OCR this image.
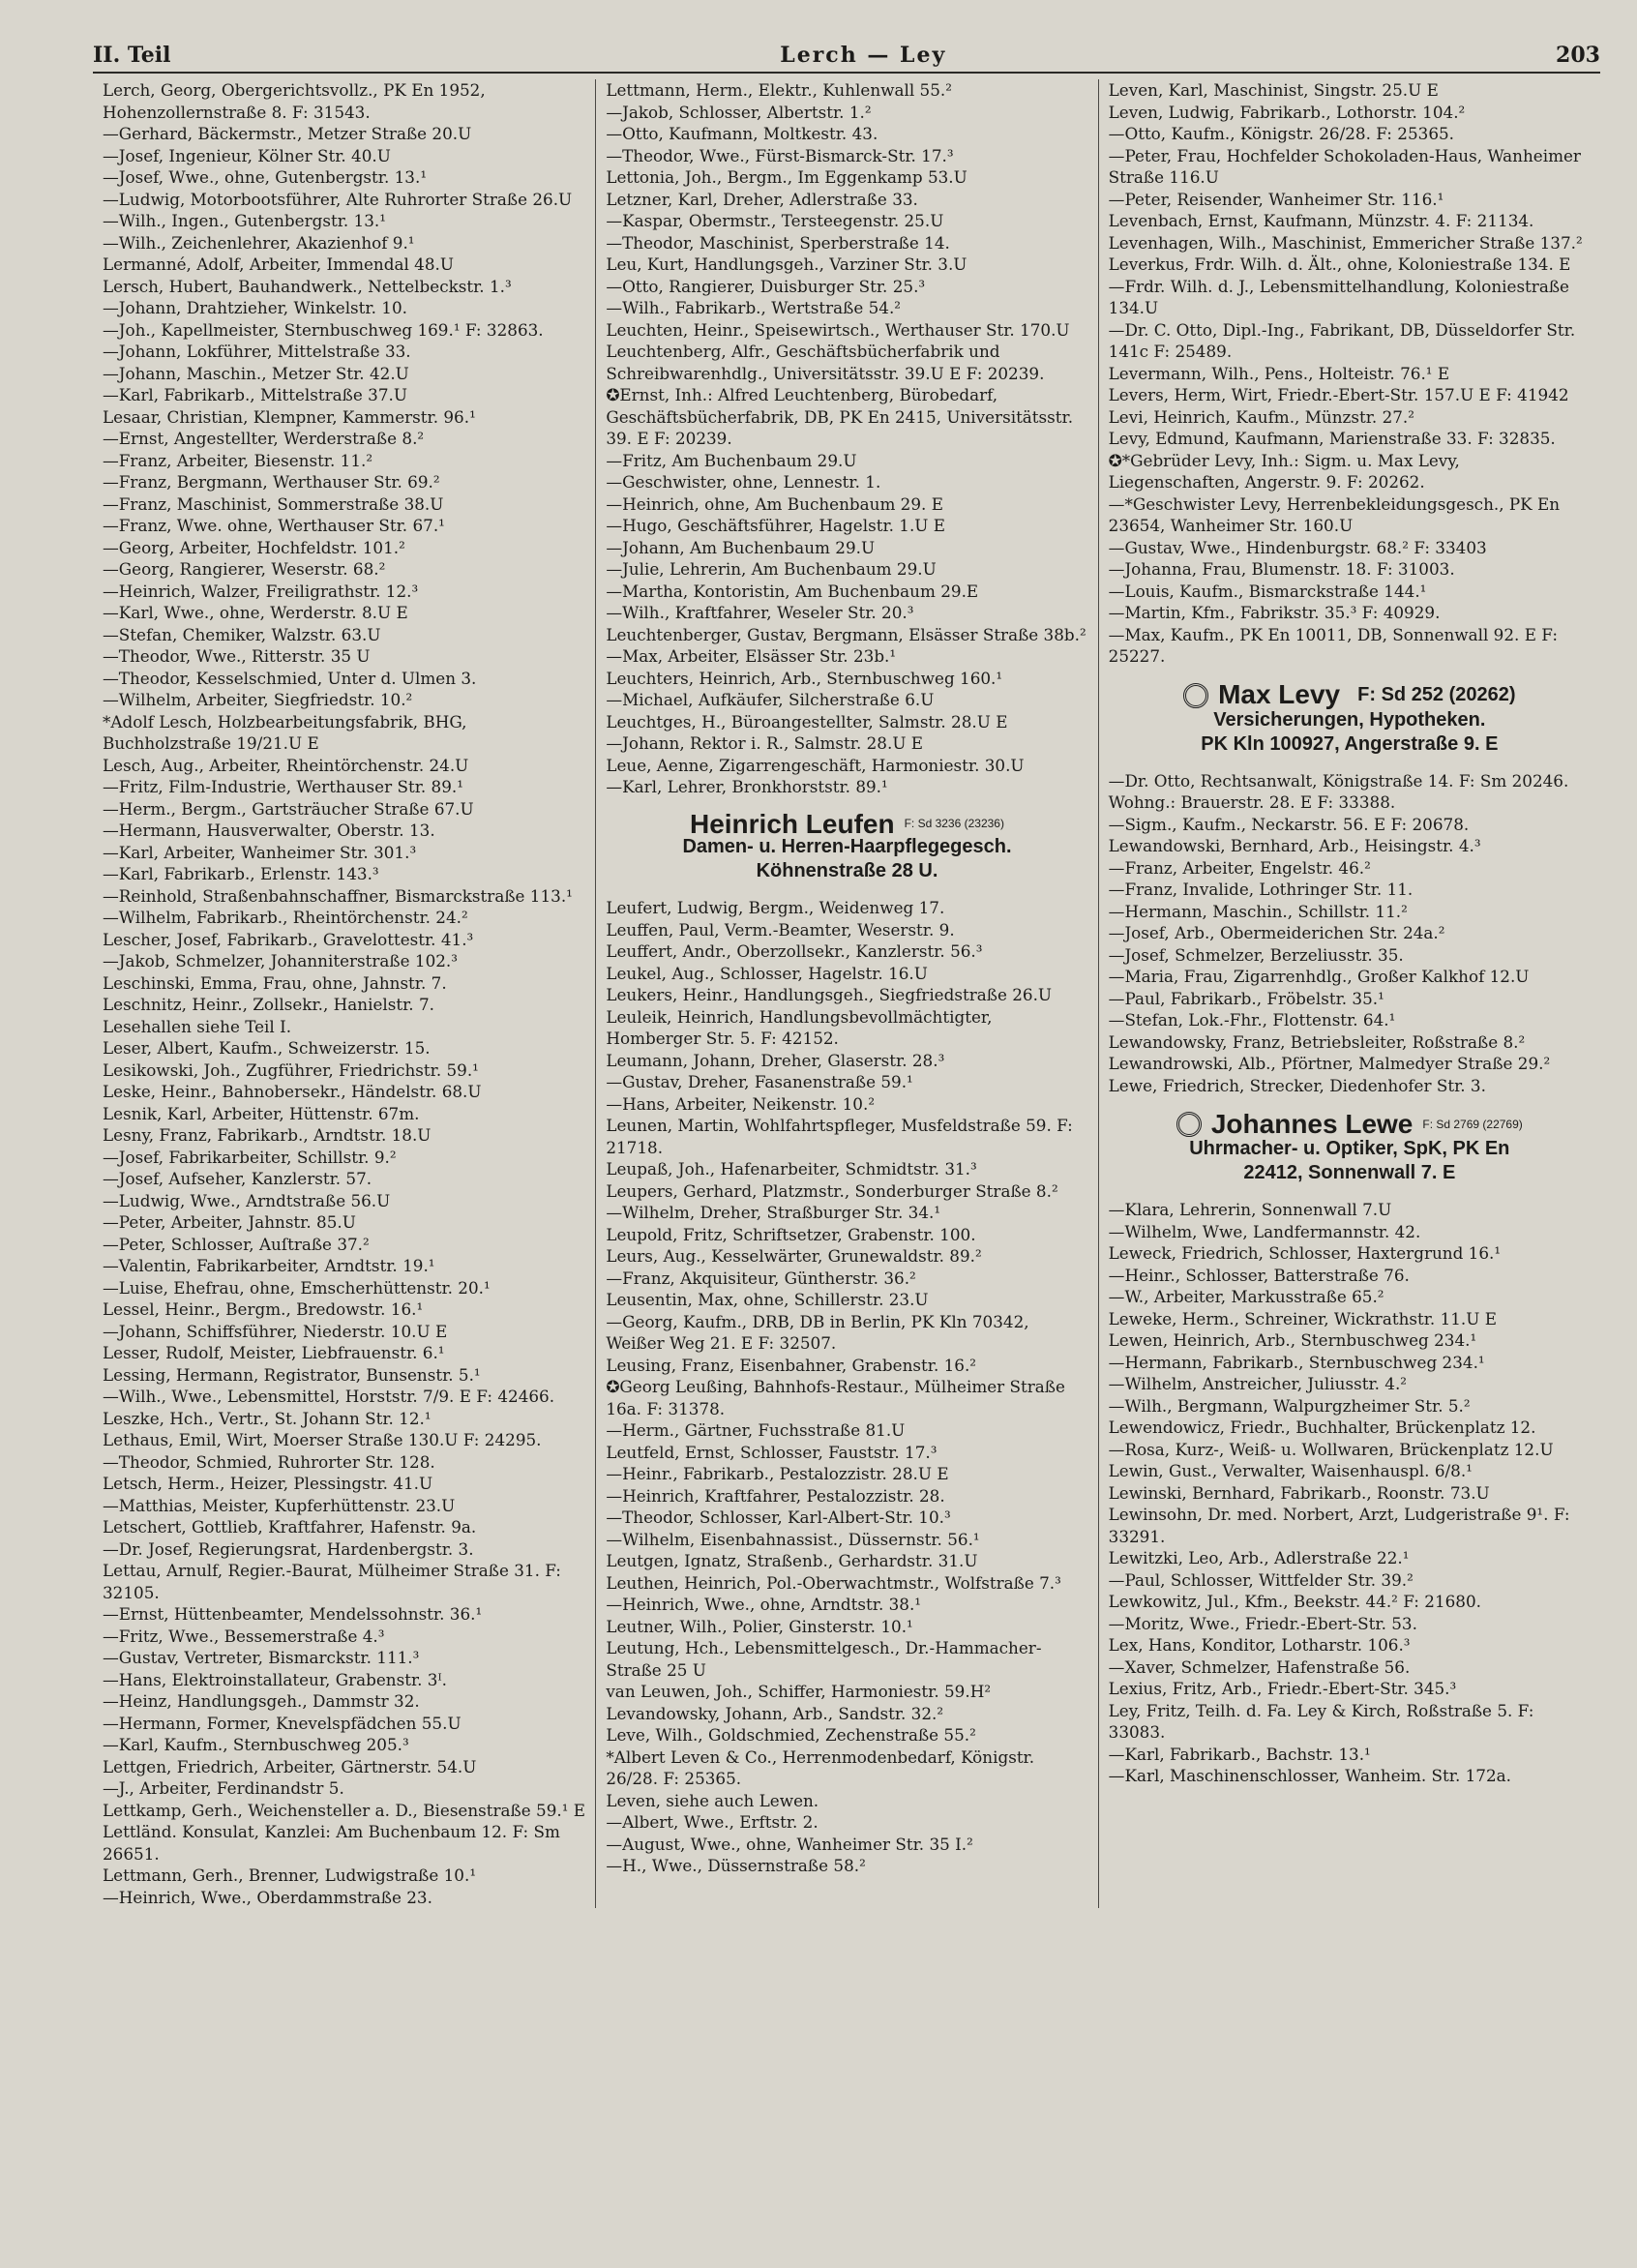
II. Teil	Lerch — Ley	203

Lerch, Georg, Obergerichtsvollz., PK En 1952, Hohenzollernstraße 8. F: 31543.

—Gerhard, Bäckermstr., Metzer Straße 20.U

—Josef, Ingenieur, Kölner Str. 40.U

—Josef, Wwe., ohne, Gutenbergstr. 13.¹

—Ludwig, Motorbootsführer, Alte Ruhrorter Straße 26.U

—Wilh., Ingen., Gutenbergstr. 13.¹

—Wilh., Zeichenlehrer, Akazienhof 9.¹

Lermanné, Adolf, Arbeiter, Immendal 48.U

Lersch, Hubert, Bauhandwerk., Nettelbeckstr. 1.³

—Johann, Drahtzieher, Winkelstr. 10.

—Joh., Kapellmeister, Sternbuschweg 169.¹ F: 32863.

—Johann, Lokführer, Mittelstraße 33.

—Johann, Maschin., Metzer Str. 42.U

—Karl, Fabrikarb., Mittelstraße 37.U

Lesaar, Christian, Klempner, Kammerstr. 96.¹

—Ernst, Angestellter, Werderstraße 8.²

—Franz, Arbeiter, Biesenstr. 11.²

—Franz, Bergmann, Werthauser Str. 69.²

—Franz, Maschinist, Sommerstraße 38.U

—Franz, Wwe. ohne, Werthauser Str. 67.¹

—Georg, Arbeiter, Hochfeldstr. 101.²

—Georg, Rangierer, Weserstr. 68.²

—Heinrich, Walzer, Freiligrathstr. 12.³

—Karl, Wwe., ohne, Werderstr. 8.U E

—Stefan, Chemiker, Walzstr. 63.U

—Theodor, Wwe., Ritterstr. 35 U

—Theodor, Kesselschmied, Unter d. Ulmen 3.

—Wilhelm, Arbeiter, Siegfriedstr. 10.²

*Adolf Lesch, Holzbearbeitungsfabrik, BHG, Buchholzstraße 19/21.U E

Lesch, Aug., Arbeiter, Rheintörchenstr. 24.U

—Fritz, Film-Industrie, Werthauser Str. 89.¹

—Herm., Bergm., Gartsträucher Straße 67.U

—Hermann, Hausverwalter, Oberstr. 13.

—Karl, Arbeiter, Wanheimer Str. 301.³

—Karl, Fabrikarb., Erlenstr. 143.³

—Reinhold, Straßenbahnschaffner, Bismarckstraße 113.¹

—Wilhelm, Fabrikarb., Rheintörchenstr. 24.²

Lescher, Josef, Fabrikarb., Gravelottestr. 41.³

—Jakob, Schmelzer, Johanniterstraße 102.³

Leschinski, Emma, Frau, ohne, Jahnstr. 7.

Leschnitz, Heinr., Zollsekr., Hanielstr. 7.

Lesehallen siehe Teil I.

Leser, Albert, Kaufm., Schweizerstr. 15.

Lesikowski, Joh., Zugführer, Friedrichstr. 59.¹

Leske, Heinr., Bahnobersekr., Händelstr. 68.U

Lesnik, Karl, Arbeiter, Hüttenstr. 67m.

Lesny, Franz, Fabrikarb., Arndtstr. 18.U

—Josef, Fabrikarbeiter, Schillstr. 9.²

—Josef, Aufseher, Kanzlerstr. 57.

—Ludwig, Wwe., Arndtstraße 56.U

—Peter, Arbeiter, Jahnstr. 85.U

—Peter, Schlosser, Auſtraße 37.²

—Valentin, Fabrikarbeiter, Arndtstr. 19.¹

—Luise, Ehefrau, ohne, Emscherhüttenstr. 20.¹

Lessel, Heinr., Bergm., Bredowstr. 16.¹

—Johann, Schiffsführer, Niederstr. 10.U E

Lesser, Rudolf, Meister, Liebfrauenstr. 6.¹

Lessing, Hermann, Registrator, Bunsenstr. 5.¹

—Wilh., Wwe., Lebensmittel, Horststr. 7/9. E F: 42466.

Leszke, Hch., Vertr., St. Johann Str. 12.¹

Lethaus, Emil, Wirt, Moerser Straße 130.U F: 24295.

—Theodor, Schmied, Ruhrorter Str. 128.

Letsch, Herm., Heizer, Plessingstr. 41.U

—Matthias, Meister, Kupferhüttenstr. 23.U

Letschert, Gottlieb, Kraftfahrer, Hafenstr. 9a.

—Dr. Josef, Regierungsrat, Hardenbergstr. 3.

Lettau, Arnulf, Regier.-Baurat, Mülheimer Straße 31. F: 32105.

—Ernst, Hüttenbeamter, Mendelssohnstr. 36.¹

—Fritz, Wwe., Bessemerstraße 4.³

—Gustav, Vertreter, Bismarckstr. 111.³

—Hans, Elektroinstallateur, Grabenstr. 3ᴵ.

—Heinz, Handlungsgeh., Dammstr 32.

—Hermann, Former, Knevelspfädchen 55.U

—Karl, Kaufm., Sternbuschweg 205.³

Lettgen, Friedrich, Arbeiter, Gärtnerstr. 54.U

—J., Arbeiter, Ferdinandstr 5.

Lettkamp, Gerh., Weichensteller a. D., Biesenstraße 59.¹ E

Lettländ. Konsulat, Kanzlei: Am Buchenbaum 12. F: Sm 26651.

Lettmann, Gerh., Brenner, Ludwigstraße 10.¹

—Heinrich, Wwe., Oberdammstraße 23.

Lettmann, Herm., Elektr., Kuhlenwall 55.²

—Jakob, Schlosser, Albertstr. 1.²

—Otto, Kaufmann, Moltkestr. 43.

—Theodor, Wwe., Fürst-Bismarck-Str. 17.³

Lettonia, Joh., Bergm., Im Eggenkamp 53.U

Letzner, Karl, Dreher, Adlerstraße 33.

—Kaspar, Obermstr., Tersteegenstr. 25.U

—Theodor, Maschinist, Sperberstraße 14.

Leu, Kurt, Handlungsgeh., Varziner Str. 3.U

—Otto, Rangierer, Duisburger Str. 25.³

—Wilh., Fabrikarb., Wertstraße 54.²

Leuchten, Heinr., Speisewirtsch., Werthauser Str. 170.U

Leuchtenberg, Alfr., Geschäftsbücherfabrik und Schreibwarenhdlg., Universitätsstr. 39.U E F: 20239.

✪Ernst, Inh.: Alfred Leuchtenberg, Bürobedarf, Geschäftsbücherfabrik, DB, PK En 2415, Universitätsstr. 39. E F: 20239.

—Fritz, Am Buchenbaum 29.U

—Geschwister, ohne, Lennestr. 1.

—Heinrich, ohne, Am Buchenbaum 29. E

—Hugo, Geschäftsführer, Hagelstr. 1.U E

—Johann, Am Buchenbaum 29.U

—Julie, Lehrerin, Am Buchenbaum 29.U

—Martha, Kontoristin, Am Buchenbaum 29.E

—Wilh., Kraftfahrer, Weseler Str. 20.³

Leuchtenberger, Gustav, Bergmann, Elsässer Straße 38b.²

—Max, Arbeiter, Elsässer Str. 23b.¹

Leuchters, Heinrich, Arb., Sternbuschweg 160.¹

—Michael, Aufkäufer, Silcherstraße 6.U

Leuchtges, H., Büroangestellter, Salmstr. 28.U E

—Johann, Rektor i. R., Salmstr. 28.U E

Leue, Aenne, Zigarrengeschäft, Harmoniestr. 30.U

—Karl, Lehrer, Bronkhorststr. 89.¹

Heinrich Leufen F: Sd 3236 (23236)
Damen- u. Herren-Haarpflegegesch.
Köhnenstraße 28 U.

Leufert, Ludwig, Bergm., Weidenweg 17.

Leuffen, Paul, Verm.-Beamter, Weserstr. 9.

Leuffert, Andr., Oberzollsekr., Kanzlerstr. 56.³

Leukel, Aug., Schlosser, Hagelstr. 16.U

Leukers, Heinr., Handlungsgeh., Siegfriedstraße 26.U

Leuleik, Heinrich, Handlungsbevollmächtigter, Homberger Str. 5. F: 42152.

Leumann, Johann, Dreher, Glaserstr. 28.³

—Gustav, Dreher, Fasanenstraße 59.¹

—Hans, Arbeiter, Neikenstr. 10.²

Leunen, Martin, Wohlfahrtspfleger, Musfeldstraße 59. F: 21718.

Leupaß, Joh., Hafenarbeiter, Schmidtstr. 31.³

Leupers, Gerhard, Platzmstr., Sonderburger Straße 8.²

—Wilhelm, Dreher, Straßburger Str. 34.¹

Leupold, Fritz, Schriftsetzer, Grabenstr. 100.

Leurs, Aug., Kesselwärter, Grunewaldstr. 89.²

—Franz, Akquisiteur, Güntherstr. 36.²

Leusentin, Max, ohne, Schillerstr. 23.U

—Georg, Kaufm., DRB, DB in Berlin, PK Kln 70342, Weißer Weg 21. E F: 32507.

Leusing, Franz, Eisenbahner, Grabenstr. 16.²

✪Georg Leußing, Bahnhofs-Restaur., Mülheimer Straße 16a. F: 31378.

—Herm., Gärtner, Fuchsstraße 81.U

Leutfeld, Ernst, Schlosser, Fauststr. 17.³

—Heinr., Fabrikarb., Pestalozzistr. 28.U E

—Heinrich, Kraftfahrer, Pestalozzistr. 28.

—Theodor, Schlosser, Karl-Albert-Str. 10.³

—Wilhelm, Eisenbahnassist., Düssernstr. 56.¹

Leutgen, Ignatz, Straßenb., Gerhardstr. 31.U

Leuthen, Heinrich, Pol.-Oberwachtmstr., Wolfstraße 7.³

—Heinrich, Wwe., ohne, Arndtstr. 38.¹

Leutner, Wilh., Polier, Ginsterstr. 10.¹

Leutung, Hch., Lebensmittelgesch., Dr.-Hammacher-Straße 25 U

van Leuwen, Joh., Schiffer, Harmoniestr. 59.H²

Levandowsky, Johann, Arb., Sandstr. 32.²

Leve, Wilh., Goldschmied, Zechenstraße 55.²

*Albert Leven & Co., Herrenmodenbedarf, Königstr. 26/28. F: 25365.

Leven, siehe auch Lewen.

—Albert, Wwe., Erftstr. 2.

—August, Wwe., ohne, Wanheimer Str. 35 I.²

—H., Wwe., Düssernstraße 58.²

Leven, Karl, Maschinist, Singstr. 25.U E

Leven, Ludwig, Fabrikarb., Lothorstr. 104.²

—Otto, Kaufm., Königstr. 26/28. F: 25365.

—Peter, Frau, Hochfelder Schokoladen-Haus, Wanheimer Straße 116.U

—Peter, Reisender, Wanheimer Str. 116.¹

Levenbach, Ernst, Kaufmann, Münzstr. 4. F: 21134.

Levenhagen, Wilh., Maschinist, Emmericher Straße 137.²

Leverkus, Frdr. Wilh. d. Ält., ohne, Koloniestraße 134. E

—Frdr. Wilh. d. J., Lebensmittelhandlung, Koloniestraße 134.U

—Dr. C. Otto, Dipl.-Ing., Fabrikant, DB, Düsseldorfer Str. 141c F: 25489.

Levermann, Wilh., Pens., Holteistr. 76.¹ E

Levers, Herm, Wirt, Friedr.-Ebert-Str. 157.U E F: 41942

Levi, Heinrich, Kaufm., Münzstr. 27.²

Levy, Edmund, Kaufmann, Marienstraße 33. F: 32835.

✪*Gebrüder Levy, Inh.: Sigm. u. Max Levy, Liegenschaften, Angerstr. 9. F: 20262.

—*Geschwister Levy, Herrenbekleidungsgesch., PK En 23654, Wanheimer Str. 160.U

—Gustav, Wwe., Hindenburgstr. 68.² F: 33403

—Johanna, Frau, Blumenstr. 18. F: 31003.

—Louis, Kaufm., Bismarckstraße 144.¹

—Martin, Kfm., Fabrikstr. 35.³ F: 40929.

—Max, Kaufm., PK En 10011, DB, Sonnenwall 92. E F: 25227.

Max Levy F: Sd 252 (20262)
Versicherungen, Hypotheken.
PK Kln 100927, Angerstraße 9. E

—Dr. Otto, Rechtsanwalt, Königstraße 14. F: Sm 20246. Wohng.: Brauerstr. 28. E F: 33388.

—Sigm., Kaufm., Neckarstr. 56. E F: 20678.

Lewandowski, Bernhard, Arb., Heisingstr. 4.³

—Franz, Arbeiter, Engelstr. 46.²

—Franz, Invalide, Lothringer Str. 11.

—Hermann, Maschin., Schillstr. 11.²

—Josef, Arb., Obermeiderichen Str. 24a.²

—Josef, Schmelzer, Berzeliusstr. 35.

—Maria, Frau, Zigarrenhdlg., Großer Kalkhof 12.U

—Paul, Fabrikarb., Fröbelstr. 35.¹

—Stefan, Lok.-Fhr., Flottenstr. 64.¹

Lewandowsky, Franz, Betriebsleiter, Roßstraße 8.²

Lewandrowski, Alb., Pförtner, Malmedyer Straße 29.²

Lewe, Friedrich, Strecker, Diedenhofer Str. 3.

Johannes Lewe F: Sd 2769 (22769)
Uhrmacher- u. Optiker, SpK, PK En
22412, Sonnenwall 7. E

—Klara, Lehrerin, Sonnenwall 7.U

—Wilhelm, Wwe, Landfermannstr. 42.

Leweck, Friedrich, Schlosser, Haxtergrund 16.¹

—Heinr., Schlosser, Batterstraße 76.

—W., Arbeiter, Markusstraße 65.²

Leweke, Herm., Schreiner, Wickrathstr. 11.U E

Lewen, Heinrich, Arb., Sternbuschweg 234.¹

—Hermann, Fabrikarb., Sternbuschweg 234.¹

—Wilhelm, Anstreicher, Juliusstr. 4.²

—Wilh., Bergmann, Walpurgzheimer Str. 5.²

Lewendowicz, Friedr., Buchhalter, Brückenplatz 12.

—Rosa, Kurz-, Weiß- u. Wollwaren, Brückenplatz 12.U

Lewin, Gust., Verwalter, Waisenhauspl. 6/8.¹

Lewinski, Bernhard, Fabrikarb., Roonstr. 73.U

Lewinsohn, Dr. med. Norbert, Arzt, Ludgeristraße 9¹. F: 33291.

Lewitzki, Leo, Arb., Adlerstraße 22.¹

—Paul, Schlosser, Wittfelder Str. 39.²

Lewkowitz, Jul., Kfm., Beekstr. 44.² F: 21680.

—Moritz, Wwe., Friedr.-Ebert-Str. 53.

Lex, Hans, Konditor, Lotharstr. 106.³

—Xaver, Schmelzer, Hafenstraße 56.

Lexius, Fritz, Arb., Friedr.-Ebert-Str. 345.³

Ley, Fritz, Teilh. d. Fa. Ley & Kirch, Roßstraße 5. F: 33083.

—Karl, Fabrikarb., Bachstr. 13.¹

—Karl, Maschinenschlosser, Wanheim. Str. 172a.
